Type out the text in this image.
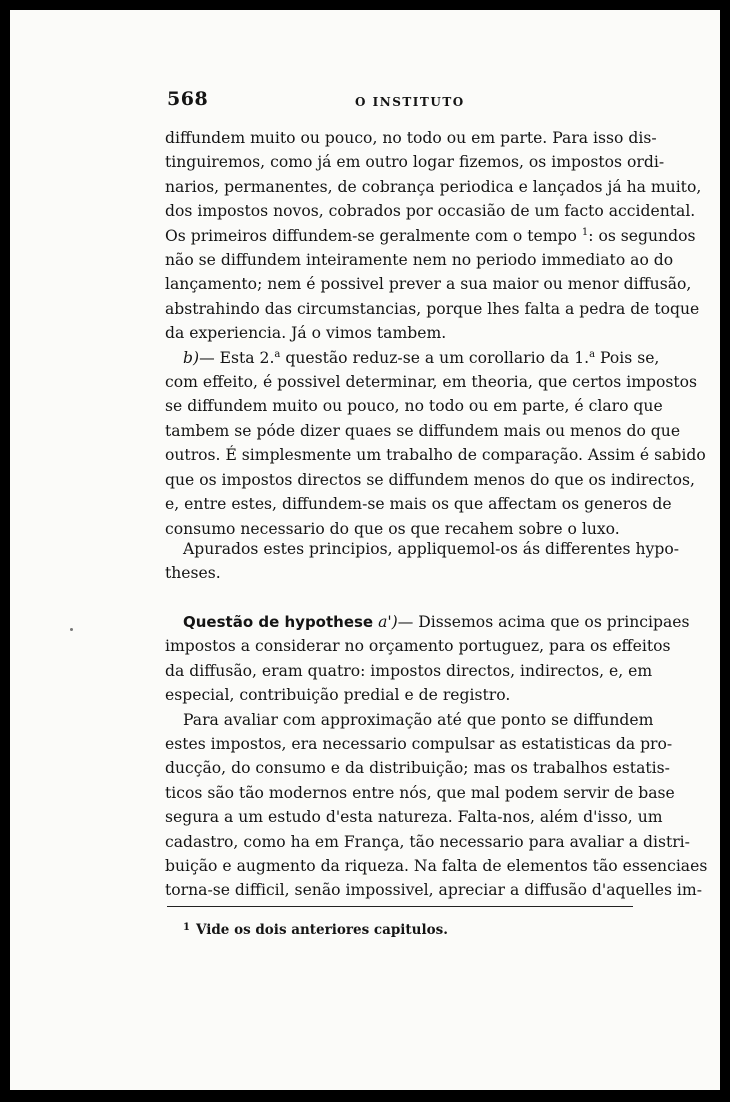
568	O INSTITUTO
diffundem muito ou pouco, no todo ou em parte. Para isso dis-
tinguiremos, como já em outro logar fizemos, os impostos ordi-
narios, permanentes, de cobrança periodica e lançados já ha muito,
dos impostos novos, cobrados por occasião de um facto accidental.
Os primeiros diffundem-se geralmente com o tempo $^1$: os segundos
não se diffundem inteiramente nem no periodo immediato ao do
lançamento; nem é possivel prever a sua maior ou menor diffusão,
abstrahindo das circumstancias, porque lhes falta a pedra de toque
da experiencia. Já o vimos tambem.
b)— Esta 2.$^a$ questão reduz-se a um corollario da 1.$^a$ Pois se,
com effeito, é possivel determinar, em theoria, que certos impostos
se diffundem muito ou pouco, no todo ou em parte, é claro que
tambem se póde dizer quaes se diffundem mais ou menos do que
outros. É simplesmente um trabalho de comparação. Assim é sabido
que os impostos directos se diffundem menos do que os indirectos,
e, entre estes, diffundem-se mais os que affectam os generos de
consumo necessario do que os que recahem sobre o luxo.
Apurados estes principios, appliquemol-os ás differentes hypo-
theses.
Questão de hypothese a')— Dissemos acima que os principaes
impostos a considerar no orçamento portuguez, para os effeitos
da diffusão, eram quatro: impostos directos, indirectos, e, em
especial, contribuição predial e de registro.
Para avaliar com approximação até que ponto se diffundem
estes impostos, era necessario compulsar as estatisticas da pro-
ducção, do consumo e da distribuição; mas os trabalhos estatis-
ticos são tão modernos entre nós, que mal podem servir de base
segura a um estudo d'esta natureza. Falta-nos, além d'isso, um
cadastro, como ha em França, tão necessario para avaliar a distri-
buição e augmento da riqueza. Na falta de elementos tão essenciaes
torna-se difficil, senão impossivel, apreciar a diffusão d'aquelles im-
$^1$ Vide os dois anteriores capitulos.
